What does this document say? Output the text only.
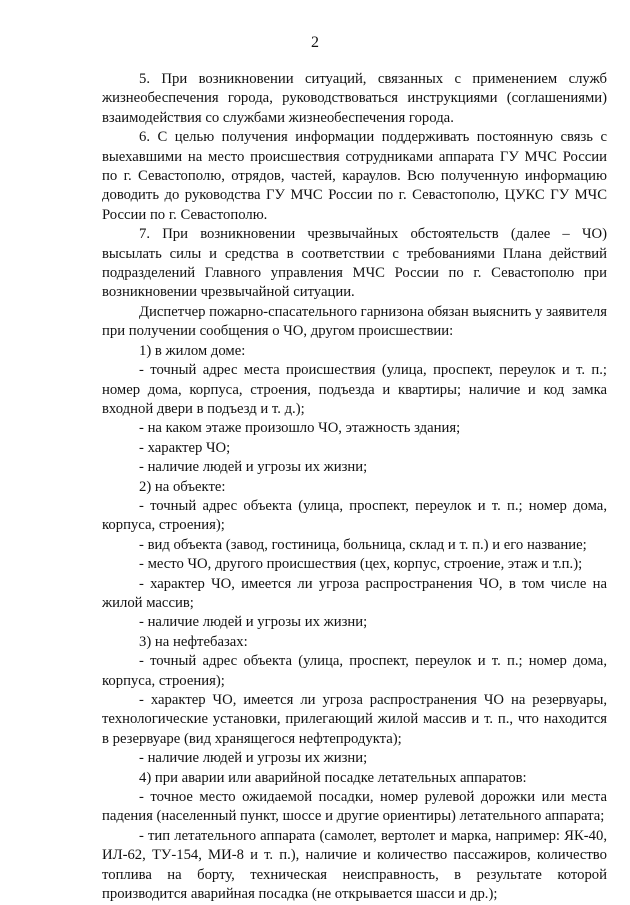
2

5. При возникновении ситуаций, связанных с применением служб жизнеобеспечения города, руководствоваться инструкциями (соглашениями) взаимодействия со службами жизнеобеспечения города.

6. С целью получения информации поддерживать постоянную связь с выехавшими на место происшествия сотрудниками аппарата ГУ МЧС России по г. Севастополю, отрядов, частей, караулов. Всю полученную информацию доводить до руководства ГУ МЧС России по г. Севастополю, ЦУКС ГУ МЧС России по г. Севастополю.

7. При возникновении чрезвычайных обстоятельств (далее – ЧО) высылать силы и средства в соответствии с требованиями Плана действий подразделений Главного управления МЧС России по г. Севастополю при возникновении чрезвычайной ситуации.

Диспетчер пожарно-спасательного гарнизона обязан выяснить у заявителя при получении сообщения о ЧО, другом происшествии:

1) в жилом доме:

- точный адрес места происшествия (улица, проспект, переулок и т. п.; номер дома, корпуса, строения, подъезда и квартиры; наличие и код замка входной двери в подъезд и т. д.);

- на каком этаже произошло ЧО, этажность здания;

- характер ЧО;

- наличие людей и угрозы их жизни;

2) на объекте:

- точный адрес объекта (улица, проспект, переулок и т. п.; номер дома, корпуса, строения);

- вид объекта (завод, гостиница, больница, склад и т. п.) и его название;

- место ЧО, другого происшествия (цех, корпус, строение, этаж и т.п.);

- характер ЧО, имеется ли угроза распространения ЧО, в том числе на жилой массив;

- наличие людей и угрозы их жизни;

3) на нефтебазах:

- точный адрес объекта (улица, проспект, переулок и т. п.; номер дома, корпуса, строения);

- характер ЧО, имеется ли угроза распространения ЧО на резервуары, технологические установки, прилегающий жилой массив и т. п., что находится в резервуаре (вид хранящегося нефтепродукта);

- наличие людей и угрозы их жизни;

4) при аварии или аварийной посадке летательных аппаратов:

- точное место ожидаемой посадки, номер рулевой дорожки или места падения (населенный пункт, шоссе и другие ориентиры) летательного аппарата;

- тип летательного аппарата (самолет, вертолет и марка, например: ЯК-40, ИЛ-62, ТУ-154, МИ-8 и т. п.), наличие и количество пассажиров, количество топлива на борту, техническая неисправность, в результате которой производится аварийная посадка (не открывается шасси и др.);
